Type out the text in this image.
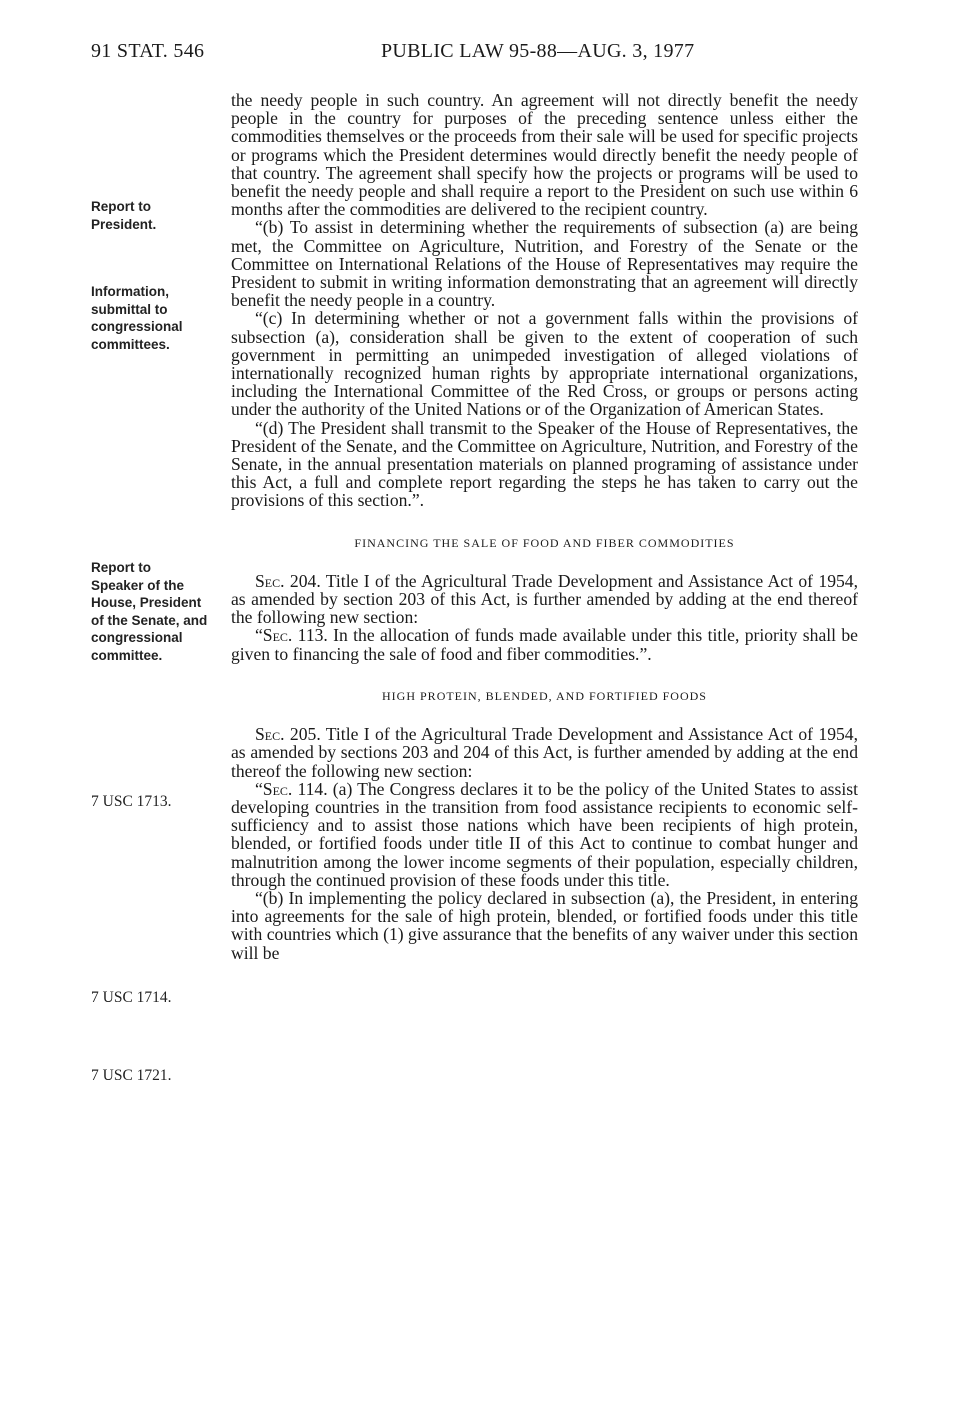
91 STAT. 546	PUBLIC LAW 95-88—AUG. 3, 1977
Report to
President.
Information,
submittal to
congressional
committees.
Report to
Speaker of the
House, President
of the Senate, and
congressional
committee.
7 USC 1713.
7 USC 1714.
7 USC 1721.

the needy people in such country. An agreement will not directly benefit the needy people in the country for purposes of the preceding sentence unless either the commodities themselves or the proceeds from their sale will be used for specific projects or programs which the President determines would directly benefit the needy people of that country. The agreement shall specify how the projects or programs will be used to benefit the needy people and shall require a report to the President on such use within 6 months after the commodities are delivered to the recipient country.

“(b) To assist in determining whether the requirements of subsection (a) are being met, the Committee on Agriculture, Nutrition, and Forestry of the Senate or the Committee on International Relations of the House of Representatives may require the President to submit in writing information demonstrating that an agreement will directly benefit the needy people in a country.

“(c) In determining whether or not a government falls within the provisions of subsection (a), consideration shall be given to the extent of cooperation of such government in permitting an unimpeded investigation of alleged violations of internationally recognized human rights by appropriate international organizations, including the International Committee of the Red Cross, or groups or persons acting under the authority of the United Nations or of the Organization of American States.

“(d) The President shall transmit to the Speaker of the House of Representatives, the President of the Senate, and the Committee on Agriculture, Nutrition, and Forestry of the Senate, in the annual presentation materials on planned programing of assistance under this Act, a full and complete report regarding the steps he has taken to carry out the provisions of this section.”.

FINANCING THE SALE OF FOOD AND FIBER COMMODITIES

Sec. 204. Title I of the Agricultural Trade Development and Assistance Act of 1954, as amended by section 203 of this Act, is further amended by adding at the end thereof the following new section:

“Sec. 113. In the allocation of funds made available under this title, priority shall be given to financing the sale of food and fiber commodities.”.

HIGH PROTEIN, BLENDED, AND FORTIFIED FOODS

Sec. 205. Title I of the Agricultural Trade Development and Assistance Act of 1954, as amended by sections 203 and 204 of this Act, is further amended by adding at the end thereof the following new section:

“Sec. 114. (a) The Congress declares it to be the policy of the United States to assist developing countries in the transition from food assistance recipients to economic self-sufficiency and to assist those nations which have been recipients of high protein, blended, or fortified foods under title II of this Act to continue to combat hunger and malnutrition among the lower income segments of their population, especially children, through the continued provision of these foods under this title.

“(b) In implementing the policy declared in subsection (a), the President, in entering into agreements for the sale of high protein, blended, or fortified foods under this title with countries which (1) give assurance that the benefits of any waiver under this section will be
